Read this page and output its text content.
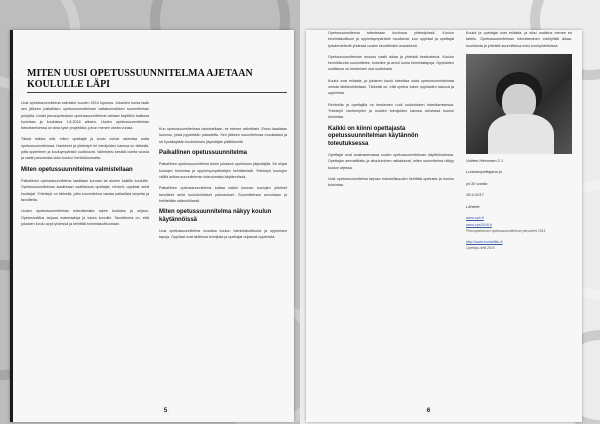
MITEN UUSI OPETUSSUUNNITELMA AJETAAN KOULULLE LÄPI

Uusi opetussuunnitelma valmistui vuoden 2014 lopussa. Jokainen kunta laatii sen jälkeen paikallisen opetussuunnitelman valtakunnallisen suunnitelman pohjalta. Uudet perusopetuksen opetussuunnitelmat otetaan käyttöön kaikissa kunnissa ja kouluissa 1.8.2016 alkaen. Uuden opetussuunnitelman toteuttamisessa on aina kyse projektista, johon menee useita vuosia.

Tässä tutkiva sitä, miten opettajat ja koulu voivat rakentaa uutta opetussuunnitelmaa. Hankkeet ja yhteistyö eri toimijoiden kanssa on tärkeää, jotta oppiminen ja kouluympäristö uudistuvat. Valmistelu kestää useita vuosia ja vaatii panostusta koko koulun henkilökunnalta.

Miten opetussuunnitelma valmistellaan

Paikallinen opetussuunnitelma laaditaan kunnan tai alueen kaikille kouluille. Opetussuunnitelman laadintaan osallistuvat opettajat, rehtorit, oppilaat sekä huoltajat. Yhteistyö on tärkeää, jotta suunnitelma vastaa paikallisia tarpeita ja tavoitteita.

Uuden opetussuunnitelman toteuttamista tukee koulutus ja ohjaus. Opetushallitus tarjoaa materiaaleja ja tukea kunnille. Tavoitteena on, että jokainen koulu oppii yhdessä ja kehittää toimintakulttuuriaan.

Kun opetussuunnitelmaa valmistellaan, se etenee vaiheittain. Ensin laaditaan luonnos, josta pyydetään palautetta. Sen jälkeen suunnitelmaa muokataan ja se hyväksytään koulutuksen järjestäjän päätöksellä.

Paikallinen opetussuunnitelma

Paikallinen opetussuunnitelma tukee jokaisen opetuksen järjestäjää. Se ohjaa koulujen toimintaa ja oppimisympäristöjen kehittämistä. Yhteistyö koulujen välillä auttaa suunnitelman toteutumista käytännössä.

Paikallinen opetussuunnitelma kattaa kaikki kunnan koulujen yhteiset tavoitteet sekä koulukohtaiset painotukset. Suunnitelmaa arvioidaan ja kehitetään säännöllisesti.

Miten opetussuunnitelma näkyy koulun käytännöissä

Uusi opetussuunnitelma muuttaa koulun toimintakulttuuria ja oppimisen tapoja. Oppilaat ovat aktiivisia toimijoita ja opettajat ohjaavat oppimista.

5

Opetussuunnitelma toteutetaan koulussa yhteistyössä. Koulun toimintakulttuuri ja oppimisympäristöt muuttuvat, kun oppilaat ja opettajat työskentelevät yhdessä uusien tavoitteiden mukaisesti.

Opetussuunnitelman muutos vaatii aikaa ja yhteistä keskustelua. Koulun henkilökunta suunnittelee, kokeilee ja arvioi uusia toimintatapoja. Oppilaiden osallisuus on keskeinen osa uudistusta.

Koulut ovat erilaisia, ja jokainen koulu toteuttaa uutta opetussuunnitelmaa omista lähtökohdistaan. Tärkeää on, että opetus tukee oppilaiden kasvua ja oppimista.

Rehtorilla ja opettajilla on keskeinen rooli uudistuksen toteuttamisessa. Yhteistyö vanhempien ja muiden toimijoiden kanssa vahvistaa koulun toimintaa.

Kaikki on kiinni opettajasta opetussuunnitelman käytännön toteutuksessa

Opettajat ovat avainasemassa uuden opetussuunnitelman käyttöönotossa. Opettajan ammattitaito ja sitoutuminen ratkaisevat, miten suunnitelma näkyy koulun arjessa.

Uusi opetussuunnitelma tarjoaa mahdollisuuden kehittää opetusta ja koulun toimintaa.

Koulut ja opettajat ovat erilaisia, ja siksi uudistus etenee eri tahtiin. Opetussuunnitelman toteuttaminen edellyttää aikaa, koulutusta ja yhteistä suunnittelua koko kouluyhteisössä.

Valtteri Heinonen 2.1

Luokanopettajana jo

yli 30 vuotta

28.4.2017

Lähteet:

www.oph.fi
www.ops2016.fi

Perusopetuksen opetussuunnitelman perusteet 2014

http://www.kuntaliitto.fi

Opettaja-lehti 2016

6
